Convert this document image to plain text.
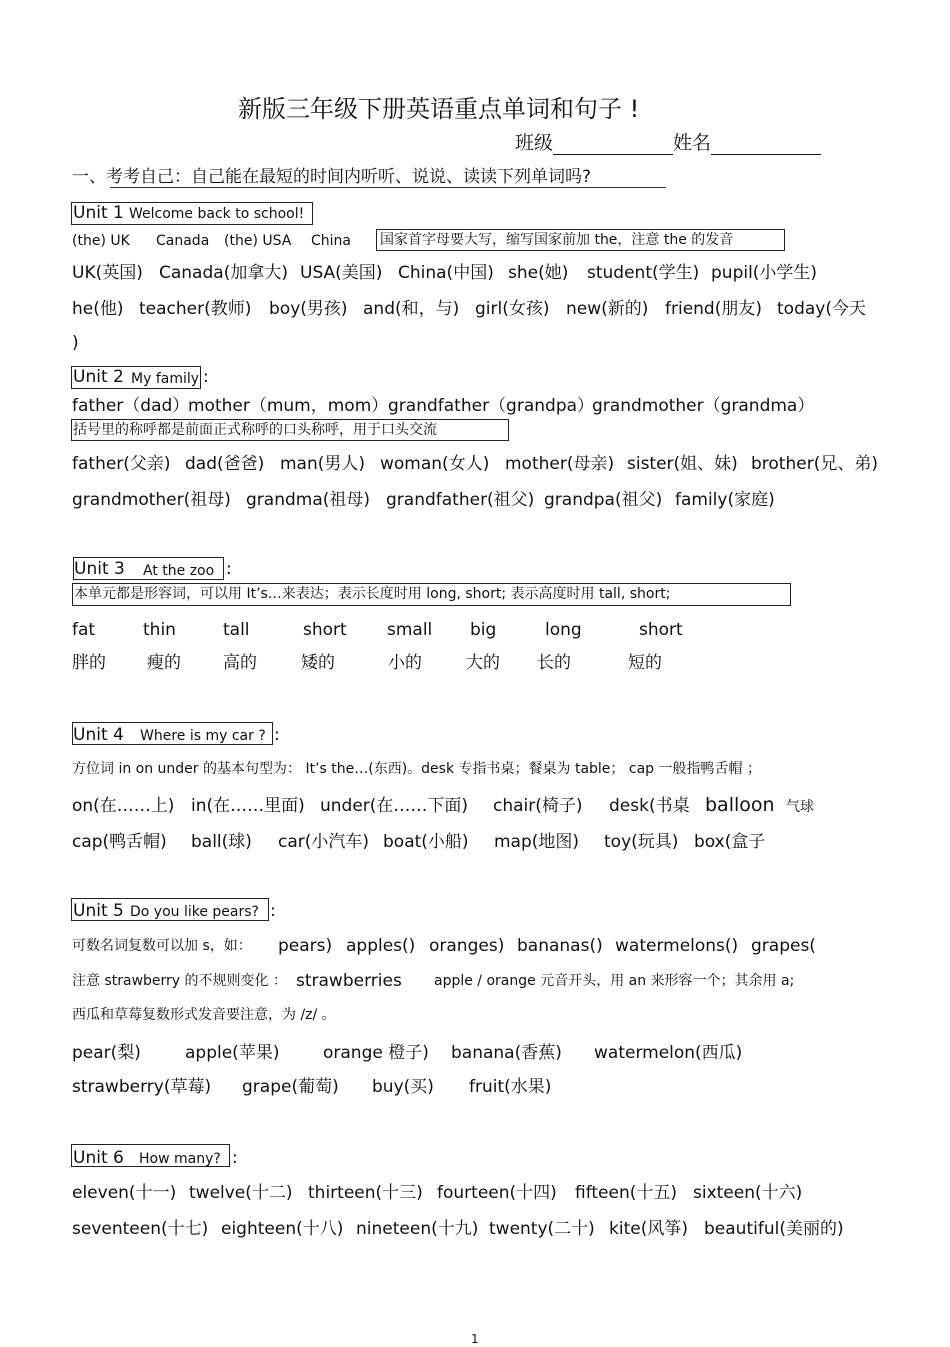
新版三年级下册英语重点单词和句子 !
班级	姓名
一、考考自己：自己能在最短的时间内听听、说说、读读下列单词吗?
Unit 1 Welcome back to school!
(the) UK Canada (the) USA China 国家首字母要大写，缩写国家前加 the，注意 the 的发音
UK(英国) Canada(加拿大) USA(美国) China(中国) she(她) student(学生) pupil(小学生)
he(他) teacher(教师) boy(男孩) and(和，与) girl(女孩) new(新的) friend(朋友) today(今天
)
Unit 2 My family :
father（dad）
mother（mum，mom） grandfather（grandpa）
grandmother（grandma）
括号里的称呼都是前面正式称呼的口头称呼，用于口头交流
father(父亲) dad(爸爸) man(男人) woman(女人) mother(母亲) sister(姐、妹) brother(兄、弟)
grandmother(祖母) grandma(祖母) grandfather(祖父) grandpa(祖父) family(家庭)
Unit 3 At the zoo :
本单元都是形容词，可以用 It’s…来表达；表示长度时用 long, short; 表示高度时用 tall, short;
fat	thin	tall	short small big	long	short
胖的 瘦的 高的	矮的	小的	大的 长的	短的
Unit 4 Where is my car ? :
方位词 in on under 的基本句型为： It’s the…(东西)。desk 专指书桌；餐桌为 table； cap 一般指鸭舌帽 ；
on(在……上) in(在……里面) under(在……下面) chair(椅子) desk(书桌 balloon 气球
cap(鸭舌帽) ball(球) car(小汽车) boat(小船) map(地图) toy(玩具) box(盒子
Unit 5 Do you like pears? :
可数名词复数可以加 s，如： pears) apples() oranges) bananas() watermelons() grapes(
注意 strawberry 的不规则变化 ： strawberries apple / orange 元音开头，用 an 来形容一个；其余用 a;
西瓜和草莓复数形式发音要注意，为 /z/ 。
pear(梨)	apple(苹果)	orange 橙子) banana(香蕉) watermelon(西瓜)
strawberry(草莓) grape(葡萄) buy(买) fruit(水果)
Unit 6 How many? :
eleven(十一) twelve(十二) thirteen(十三) fourteen(十四) fifteen(十五) sixteen(十六)
seventeen(十七) eighteen(十八) nineteen(十九) twenty(二十) kite(风筝) beautiful(美丽的)
1
